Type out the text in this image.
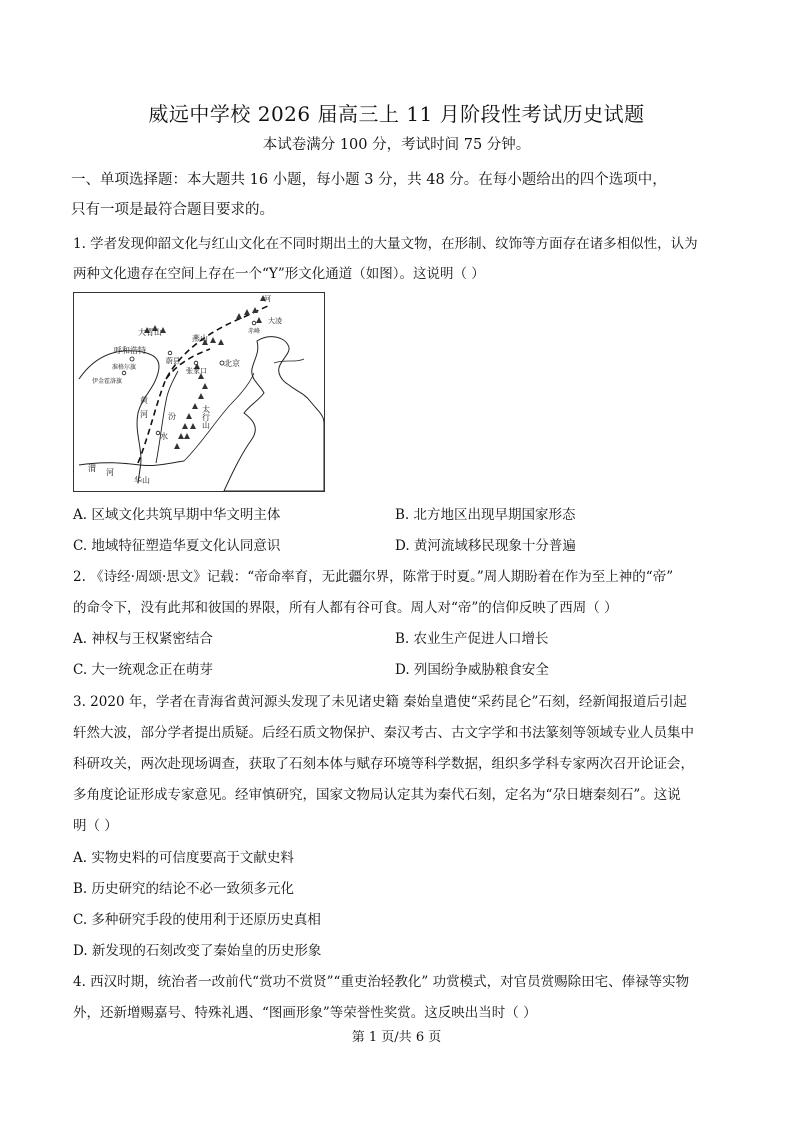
威远中学校 2026 届高三上 11 月阶段性考试历史试题
本试卷满分 100 分，考试时间 75 分钟。
一、单项选择题：本大题共 16 小题，每小题 3 分，共 48 分。在每小题给出的四个选项中，
只有一项是最符合题目要求的。
1. 学者发现仰韶文化与红山文化在不同时期出土的大量文物，在形制、纹饰等方面存在诸多相似性，认为
两种文化遗存在空间上存在一个“Y”形文化通道（如图）。这说明（ ）
大青山
呼和浩特
准格尔旗
伊金霍洛旗
蔚县
燕山
北京
张家口
太行山
汾
水
黄
河
渭 河
华山
大凌
河
赤峰
A. 区域文化共筑早期中华文明主体	B. 北方地区出现早期国家形态
C. 地域特征塑造华夏文化认同意识	D. 黄河流域移民现象十分普遍
2. 《诗经·周颂·思文》记载：“帝命率育，无此疆尔界，陈常于时夏。”周人期盼着在作为至上神的“帝”
的命令下，没有此邦和彼国的界限，所有人都有谷可食。周人对“帝”的信仰反映了西周（ ）
A. 神权与王权紧密结合	B. 农业生产促进人口增长
C. 大一统观念正在萌芽	D. 列国纷争威胁粮食安全
3. 2020 年，学者在青海省黄河源头发现了未见诸史籍 秦始皇遣使“采药昆仑”石刻，经新闻报道后引起
轩然大波，部分学者提出质疑。后经石质文物保护、秦汉考古、古文字学和书法篆刻等领域专业人员集中
科研攻关，两次赴现场调查，获取了石刻本体与赋存环境等科学数据，组织多学科专家两次召开论证会，
多角度论证形成专家意见。经审慎研究，国家文物局认定其为秦代石刻，定名为“尕日塘秦刻石”。这说
明（ ）
A. 实物史料的可信度要高于文献史料
B. 历史研究的结论不必一致须多元化
C. 多种研究手段的使用利于还原历史真相
D. 新发现的石刻改变了秦始皇的历史形象
4. 西汉时期，统治者一改前代“赏功不赏贤”“重吏治轻教化” 功赏模式，对官员赏赐除田宅、俸禄等实物
外，还新增赐嘉号、特殊礼遇、“图画形象”等荣誉性奖赏。这反映出当时（ ）
第 1 页/共 6 页
